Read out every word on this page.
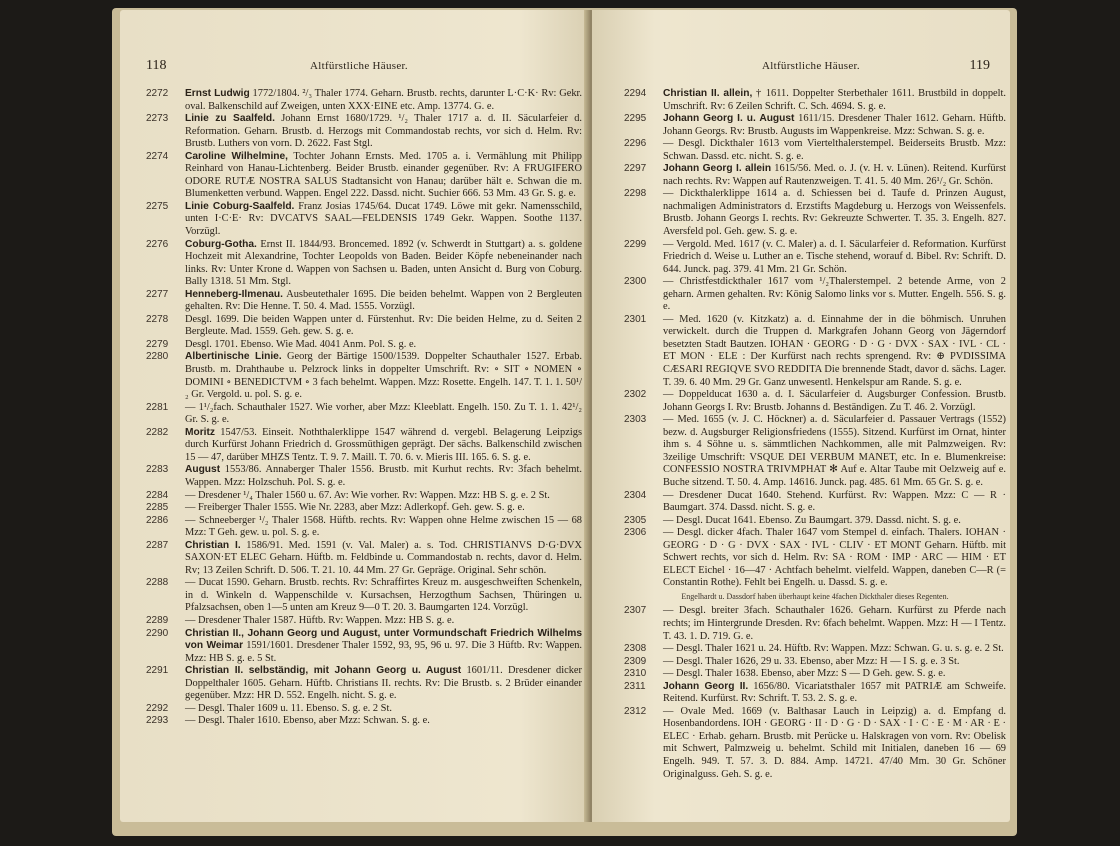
118	Altfürstliche Häuser.
2272 Ernst Ludwig 1772/1804. ²/₃ Thaler 1774. Geharn. Brustb. rechts, darunter L·C·K· Rv: Gekr. oval. Balkenschild auf Zweigen, unten XXX·EINE etc. Amp. 13774. G. e.
2273 Linie zu Saalfeld. Johann Ernst 1680/1729. ¹/₂ Thaler 1717 a. d. II. Säcularfeier d. Reformation. Geharn. Brustb. d. Herzogs mit Commandostab rechts, vor sich d. Helm. Rv: Brustb. Luthers von vorn. D. 2622. Fast Stgl.
2274 Caroline Wilhelmine, Tochter Johann Ernsts. Med. 1705 a. i. Vermählung mit Philipp Reinhard von Hanau-Lichtenberg. Beider Brustb. einander gegenüber. Rv: A FRUGIFERO ODORE RUTÆ NOSTRA SALUS Stadtansicht von Hanau; darüber hält e. Schwan die m. Blumenketten verbund. Wappen. Engel 222. Dassd. nicht. Suchier 666. 53 Mm. 43 Gr. S. g. e.
2275 Linie Coburg-Saalfeld. Franz Josias 1745/64. Ducat 1749. Löwe mit gekr. Namensschild, unten I·C·E· Rv: DVCATVS SAAL—FELDENSIS 1749 Gekr. Wappen. Soothe 1137. Vorzügl.
2276 Coburg-Gotha. Ernst II. 1844/93. Broncemed. 1892 (v. Schwerdt in Stuttgart) a. s. goldene Hochzeit mit Alexandrine, Tochter Leopolds von Baden. Beider Köpfe nebeneinander nach links. Rv: Unter Krone d. Wappen von Sachsen u. Baden, unten Ansicht d. Burg von Coburg. Bally 1318. 51 Mm. Stgl.
2277 Henneberg-Ilmenau. Ausbeutethaler 1695. Die beiden behelmt. Wappen von 2 Bergleuten gehalten. Rv: Die Henne. T. 50. 4. Mad. 1555. Vorzügl.
2278 Desgl. 1699. Die beiden Wappen unter d. Fürstenhut. Rv: Die beiden Helme, zu d. Seiten 2 Bergleute. Mad. 1559. Geh. gew. S. g. e.
2279 Desgl. 1701. Ebenso. Wie Mad. 4041 Anm. Pol. S. g. e.
2280 Albertinische Linie. Georg der Bärtige 1500/1539. Doppelter Schauthaler 1527. Erbab. Brustb. m. Drahthaube u. Pelzrock links in doppelter Umschrift. Rv: ∘ SIT ∘ NOMEN ∘ DOMINI ∘ BENEDICTVM ∘ 3 fach behelmt. Wappen. Mzz: Rosette. Engelh. 147. T. 1. 1. 50¹/₂ Gr. Vergold. u. pol. S. g. e.
2281 — 1¹/₂fach. Schauthaler 1527. Wie vorher, aber Mzz: Kleeblatt. Engelh. 150. Zu T. 1. 1. 42¹/₂ Gr. S. g. e.
2282 Moritz 1547/53. Einseit. Noththalerklippe 1547 während d. vergebl. Belagerung Leipzigs durch Kurfürst Johann Friedrich d. Grossmüthigen geprägt. Der sächs. Balkenschild zwischen 15 — 47, darüber MHZS Tentz. T. 9. 7. Maill. T. 70. 6. v. Mieris III. 165. 6. S. g. e.
2283 August 1553/86. Annaberger Thaler 1556. Brustb. mit Kurhut rechts. Rv: 3fach behelmt. Wappen. Mzz: Holzschuh. Pol. S. g. e.
2284 — Dresdener ¹/₄ Thaler 1560 u. 67. Av: Wie vorher. Rv: Wappen. Mzz: HB S. g. e. 2 St.
2285 — Freiberger Thaler 1555. Wie Nr. 2283, aber Mzz: Adlerkopf. Geh. gew. S. g. e.
2286 — Schneeberger ¹/₂ Thaler 1568. Hüftb. rechts. Rv: Wappen ohne Helme zwischen 15 — 68 Mzz: T Geh. gew. u. pol. S. g. e.
2287 Christian I. 1586/91. Med. 1591 (v. Val. Maler) a. s. Tod. CHRISTIANVS D·G·DVX SAXON·ET ELEC Geharn. Hüftb. m. Feldbinde u. Commandostab n. rechts, davor d. Helm. Rv; 13 Zeilen Schrift. D. 506. T. 21. 10. 44 Mm. 27 Gr. Gepräge. Original. Sehr schön.
2288 — Ducat 1590. Geharn. Brustb. rechts. Rv: Schraffirtes Kreuz m. ausgeschweiften Schenkeln, in d. Winkeln d. Wappenschilde v. Kursachsen, Herzogthum Sachsen, Thüringen u. Pfalzsachsen, oben 1—5 unten am Kreuz 9—0 T. 20. 3. Baumgarten 124. Vorzügl.
2289 — Dresdener Thaler 1587. Hüftb. Rv: Wappen. Mzz: HB S. g. e.
2290 Christian II., Johann Georg und August, unter Vormundschaft Friedrich Wilhelms von Weimar 1591/1601. Dresdener Thaler 1592, 93, 95, 96 u. 97. Die 3 Hüftb. Rv: Wappen. Mzz: HB S. g. e. 5 St.
2291 Christian II. selbständig, mit Johann Georg u. August 1601/11. Dresdener dicker Doppelthaler 1605. Geharn. Hüftb. Christians II. rechts. Rv: Die Brustb. s. 2 Brüder einander gegenüber. Mzz: HR D. 552. Engelh. nicht. S. g. e.
2292 — Desgl. Thaler 1609 u. 11. Ebenso. S. g. e. 2 St.
2293 — Desgl. Thaler 1610. Ebenso, aber Mzz: Schwan. S. g. e.
Altfürstliche Häuser.	119
2294 Christian II. allein, † 1611. Doppelter Sterbethaler 1611. Brustbild in doppelt. Umschrift. Rv: 6 Zeilen Schrift. C. Sch. 4694. S. g. e.
2295 Johann Georg I. u. August 1611/15. Dresdener Thaler 1612. Geharn. Hüftb. Johann Georgs. Rv: Brustb. Augusts im Wappenkreise. Mzz: Schwan. S. g. e.
2296 — Desgl. Dickthaler 1613 vom Viertelthalerstempel. Beiderseits Brustb. Mzz: Schwan. Dassd. etc. nicht. S. g. e.
2297 Johann Georg I. allein 1615/56. Med. o. J. (v. H. v. Lünen). Reitend. Kurfürst nach rechts. Rv: Wappen auf Rautenzweigen. T. 41. 5. 40 Mm. 26¹/₂ Gr. Schön.
2298 — Dickthalerklippe 1614 a. d. Schiessen bei d. Taufe d. Prinzen August, nachmaligen Administrators d. Erzstifts Magdeburg u. Herzogs von Weissenfels. Brustb. Johann Georgs I. rechts. Rv: Gekreuzte Schwerter. T. 35. 3. Engelh. 827. Aversfeld pol. Geh. gew. S. g. e.
2299 — Vergold. Med. 1617 (v. C. Maler) a. d. I. Säcularfeier d. Reformation. Kurfürst Friedrich d. Weise u. Luther an e. Tische stehend, worauf d. Bibel. Rv: Schrift. D. 644. Junck. pag. 379. 41 Mm. 21 Gr. Schön.
2300 — Christfestdickthaler 1617 vom ¹/₂Thalerstempel. 2 betende Arme, von 2 geharn. Armen gehalten. Rv: König Salomo links vor s. Mutter. Engelh. 556. S. g. e.
2301 — Med. 1620 (v. Kitzkatz) a. d. Einnahme der in die böhmisch. Unruhen verwickelt. durch die Truppen d. Markgrafen Johann Georg von Jägerndorf besetzten Stadt Bautzen. IOHAN · GEORG · D · G · DVX · SAX · IVL · CL · ET MON · ELE : Der Kurfürst nach rechts sprengend. Rv: ⊕ PVDISSIMA CÆSARI REGIQVE SVO REDDITA Die brennende Stadt, davor d. sächs. Lager. T. 39. 6. 40 Mm. 29 Gr. Ganz unwesentl. Henkelspur am Rande. S. g. e.
2302 — Doppelducat 1630 a. d. I. Säcularfeier d. Augsburger Confession. Brustb. Johann Georgs I. Rv: Brustb. Johanns d. Beständigen. Zu T. 46. 2. Vorzügl.
2303 — Med. 1655 (v. J. C. Höckner) a. d. Säcularfeier d. Passauer Vertrags (1552) bezw. d. Augsburger Religionsfriedens (1555). Sitzend. Kurfürst im Ornat, hinter ihm s. 4 Söhne u. s. sämmtlichen Nachkommen, alle mit Palmzweigen. Rv: 3zeilige Umschrift: VSQUE DEI VERBUM MANET, etc. In e. Blumenkreise: CONFESSIO NOSTRA TRIVMPHAT ✻ Auf e. Altar Taube mit Oelzweig auf e. Buche sitzend. T. 50. 4. Amp. 14616. Junck. pag. 485. 61 Mm. 65 Gr. S. g. e.
2304 — Dresdener Ducat 1640. Stehend. Kurfürst. Rv: Wappen. Mzz: C — R · Baumgart. 374. Dassd. nicht. S. g. e.
2305 — Desgl. Ducat 1641. Ebenso. Zu Baumgart. 379. Dassd. nicht. S. g. e.
2306 — Desgl. dicker 4fach. Thaler 1647 vom Stempel d. einfach. Thalers. IOHAN · GEORG · D · G · DVX · SAX · IVL · CLIV · ET MONT Geharn. Hüftb. mit Schwert rechts, vor sich d. Helm. Rv: SA · ROM · IMP · ARC — HIM · ET ELECT Eichel · 16—47 · Achtfach behelmt. vielfeld. Wappen, daneben C—R (= Constantin Rothe). Fehlt bei Engelh. u. Dassd. S. g. e.
Engelhardt u. Dassdorf haben überhaupt keine 4fachen Dickthaler dieses Regenten.
2307 — Desgl. breiter 3fach. Schauthaler 1626. Geharn. Kurfürst zu Pferde nach rechts; im Hintergrunde Dresden. Rv: 6fach behelmt. Wappen. Mzz: H — I Tentz. T. 43. 1. D. 719. G. e.
2308 — Desgl. Thaler 1621 u. 24. Hüftb. Rv: Wappen. Mzz: Schwan. G. u. s. g. e. 2 St.
2309 — Desgl. Thaler 1626, 29 u. 33. Ebenso, aber Mzz: H — I S. g. e. 3 St.
2310 — Desgl. Thaler 1638. Ebenso, aber Mzz: S — D Geh. gew. S. g. e.
2311 Johann Georg II. 1656/80. Vicariatsthaler 1657 mit PATRIÆ am Schweife. Reitend. Kurfürst. Rv: Schrift. T. 53. 2. S. g. e.
2312 — Ovale Med. 1669 (v. Balthasar Lauch in Leipzig) a. d. Empfang d. Hosenbandordens. IOH · GEORG · II · D · G · D · SAX · I · C · E · M · AR · E · ELEC · Erhab. geharn. Brustb. mit Perücke u. Halskragen von vorn. Rv: Obelisk mit Schwert, Palmzweig u. behelmt. Schild mit Initialen, daneben 16 — 69 Engelh. 949. T. 57. 3. D. 884. Amp. 14721. 47/40 Mm. 30 Gr. Schöner Originalguss. Geh. S. g. e.
